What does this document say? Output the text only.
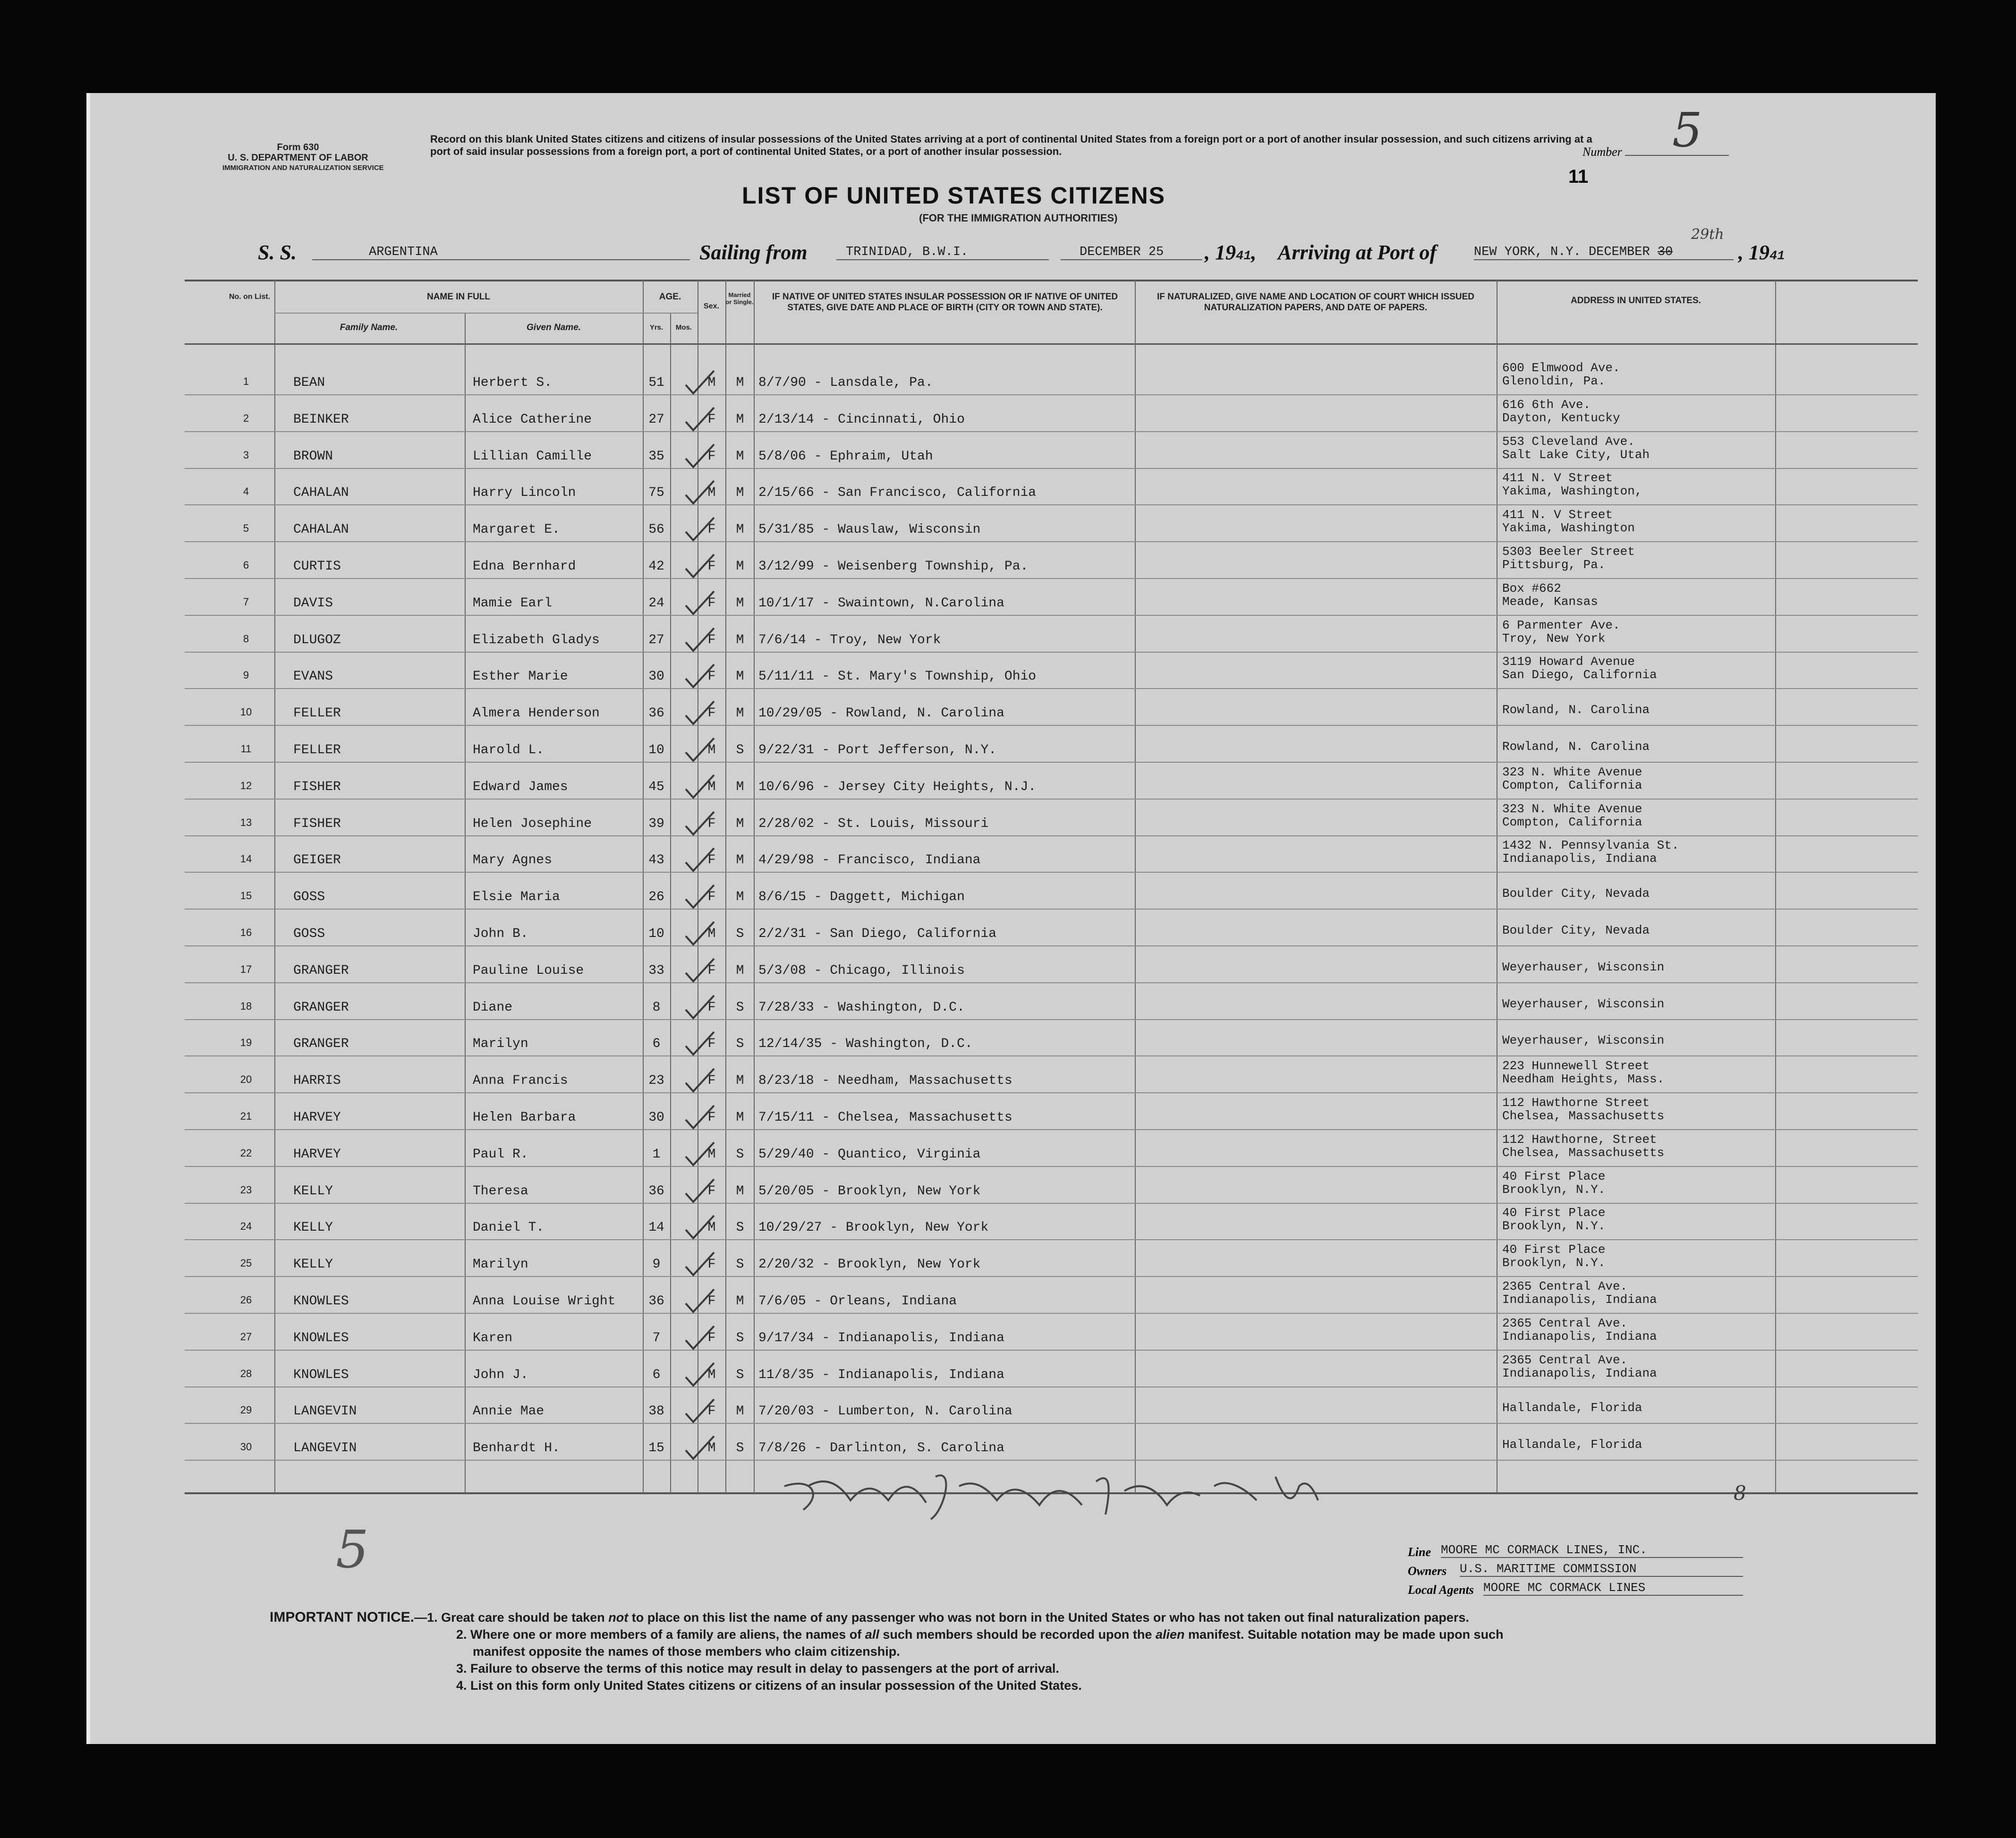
Form 630
U. S. DEPARTMENT OF LABOR
IMMIGRATION AND NATURALIZATION SERVICE
Record on this blank United States citizens and citizens of insular possessions of the United States arriving at a port of continental United States from a foreign port or a port of another insular possession, and such citizens arriving at a port of said insular possessions from a foreign port, a port of continental United States, or a port of another insular possession.	Number	5
11
LIST OF UNITED STATES CITIZENS
(FOR THE IMMIGRATION AUTHORITIES)
S. S.	ARGENTINA	Sailing from	TRINIDAD, B.W.I.	DECEMBER 25	, 1941, Arriving at Port of	NEW YORK, N.Y. DECEMBER 30
29th
, 1941
No. on List.	NAME IN FULL
Family Name.	Given Name.
AGE.
Yrs.	Mos.
Sex.
Married or Single.
IF NATIVE OF UNITED STATES INSULAR POSSESSION OR IF NATIVE OF UNITED STATES, GIVE DATE AND PLACE OF BIRTH (CITY OR TOWN AND STATE).
IF NATURALIZED, GIVE NAME AND LOCATION OF COURT WHICH ISSUED NATURALIZATION PAPERS, AND DATE OF PAPERS.
ADDRESS IN UNITED STATES.
1	BEAN	Herbert S.	51	M	M	8/7/90 - Lansdale, Pa.
600 Elmwood Ave.
Glenoldin, Pa.
2	BEINKER	Alice Catherine	27	F	M	2/13/14 - Cincinnati, Ohio
616 6th Ave.
Dayton, Kentucky
3	BROWN	Lillian Camille	35	F	M	5/8/06 - Ephraim, Utah
553 Cleveland Ave.
Salt Lake City, Utah
4	CAHALAN	Harry Lincoln	75	M	M	2/15/66 - San Francisco, California
411 N. V Street
Yakima, Washington,
5	CAHALAN	Margaret E.	56	F	M	5/31/85 - Wauslaw, Wisconsin
411 N. V Street
Yakima, Washington
6	CURTIS	Edna Bernhard	42	F	M	3/12/99 - Weisenberg Township, Pa.
5303 Beeler Street
Pittsburg, Pa.
7	DAVIS	Mamie Earl	24	F	M	10/1/17 - Swaintown, N.Carolina
Box #662
Meade, Kansas
8	DLUGOZ	Elizabeth Gladys	27	F	M	7/6/14 - Troy, New York
6 Parmenter Ave.
Troy, New York
9	EVANS	Esther Marie	30	F	M	5/11/11 - St. Mary's Township, Ohio
3119 Howard Avenue
San Diego, California
10	FELLER	Almera Henderson	36	F	M	10/29/05 - Rowland, N. Carolina	Rowland, N. Carolina
11	FELLER	Harold L.	10	M	S	9/22/31 - Port Jefferson, N.Y.	Rowland, N. Carolina
12	FISHER	Edward James	45	M	M	10/6/96 - Jersey City Heights, N.J.
323 N. White Avenue
Compton, California
13	FISHER	Helen Josephine	39	F	M	2/28/02 - St. Louis, Missouri
323 N. White Avenue
Compton, California
14	GEIGER	Mary Agnes	43	F	M	4/29/98 - Francisco, Indiana
1432 N. Pennsylvania St.
Indianapolis, Indiana
15	GOSS	Elsie Maria	26	F	M	8/6/15 - Daggett, Michigan	Boulder City, Nevada
16	GOSS	John B.	10	M	S	2/2/31 - San Diego, California	Boulder City, Nevada
17	GRANGER	Pauline Louise	33	F	M	5/3/08 - Chicago, Illinois	Weyerhauser, Wisconsin
18	GRANGER	Diane	8	F	S	7/28/33 - Washington, D.C.	Weyerhauser, Wisconsin
19	GRANGER	Marilyn	6	F	S	12/14/35 - Washington, D.C.	Weyerhauser, Wisconsin
20	HARRIS	Anna Francis	23	F	M	8/23/18 - Needham, Massachusetts
223 Hunnewell Street
Needham Heights, Mass.
21	HARVEY	Helen Barbara	30	F	M	7/15/11 - Chelsea, Massachusetts
112 Hawthorne Street
Chelsea, Massachusetts
22	HARVEY	Paul R.	1	M	S	5/29/40 - Quantico, Virginia
112 Hawthorne, Street
Chelsea, Massachusetts
23	KELLY	Theresa	36	F	M	5/20/05 - Brooklyn, New York
40 First Place
Brooklyn, N.Y.
24	KELLY	Daniel T.	14	M	S	10/29/27 - Brooklyn, New York
40 First Place
Brooklyn, N.Y.
25	KELLY	Marilyn	9	F	S	2/20/32 - Brooklyn, New York
40 First Place
Brooklyn, N.Y.
26	KNOWLES	Anna Louise Wright	36	F	M	7/6/05 - Orleans, Indiana
2365 Central Ave.
Indianapolis, Indiana
27	KNOWLES	Karen	7	F	S	9/17/34 - Indianapolis, Indiana
2365 Central Ave.
Indianapolis, Indiana
28	KNOWLES	John J.	6	M	S	11/8/35 - Indianapolis, Indiana
2365 Central Ave.
Indianapolis, Indiana
29	LANGEVIN	Annie Mae	38	F	M	7/20/03 - Lumberton, N. Carolina	Hallandale, Florida
30	LANGEVIN	Benhardt H.	15	M	S	7/8/26 - Darlinton, S. Carolina	Hallandale, Florida
8
5	Line MOORE MC CORMACK LINES, INC.
Owners U.S. MARITIME COMMISSION
Local Agents MOORE MC CORMACK LINES
IMPORTANT NOTICE.—1. Great care should be taken not to place on this list the name of any passenger who was not born in the United States or who has not taken out final naturalization papers.
2. Where one or more members of a family are aliens, the names of all such members should be recorded upon the alien manifest. Suitable notation may be made upon such
manifest opposite the names of those members who claim citizenship.
3. Failure to observe the terms of this notice may result in delay to passengers at the port of arrival.
4. List on this form only United States citizens or citizens of an insular possession of the United States.
